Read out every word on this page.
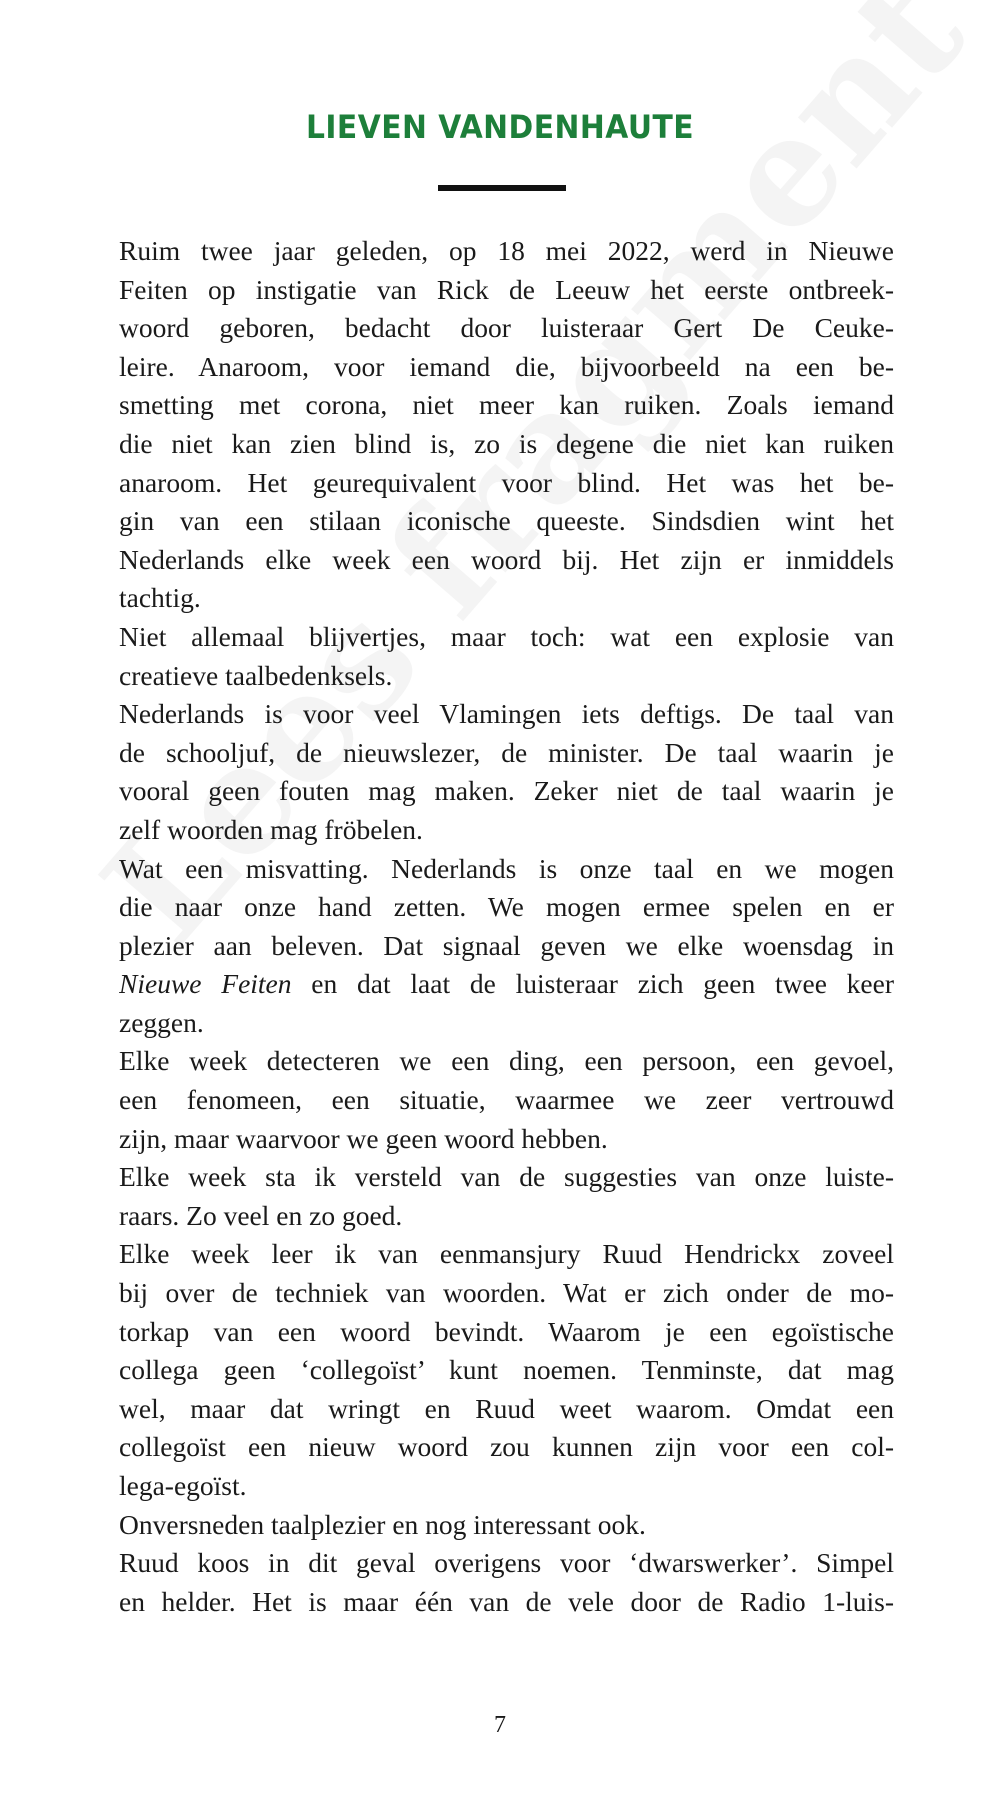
LIEVEN VANDENHAUTE
Ruim twee jaar geleden, op 18 mei 2022, werd in Nieuwe
Feiten op instigatie van Rick de Leeuw het eerste ontbreek-
woord geboren, bedacht door luisteraar Gert De Ceuke-
leire. Anaroom, voor iemand die, bijvoorbeeld na een be-
smetting met corona, niet meer kan ruiken. Zoals iemand
die niet kan zien blind is, zo is degene die niet kan ruiken
anaroom. Het geurequivalent voor blind. Het was het be-
gin van een stilaan iconische queeste. Sindsdien wint het
Nederlands elke week een woord bij. Het zijn er inmiddels
tachtig.
Niet allemaal blijvertjes, maar toch: wat een explosie van
creatieve taalbedenksels.
Nederlands is voor veel Vlamingen iets deftigs. De taal van
de schooljuf, de nieuwslezer, de minister. De taal waarin je
vooral geen fouten mag maken. Zeker niet de taal waarin je
zelf woorden mag fröbelen.
Wat een misvatting. Nederlands is onze taal en we mogen
die naar onze hand zetten. We mogen ermee spelen en er
plezier aan beleven. Dat signaal geven we elke woensdag in
Nieuwe Feiten en dat laat de luisteraar zich geen twee keer
zeggen.
Elke week detecteren we een ding, een persoon, een gevoel,
een fenomeen, een situatie, waarmee we zeer vertrouwd
zijn, maar waarvoor we geen woord hebben.
Elke week sta ik versteld van de suggesties van onze luiste-
raars. Zo veel en zo goed.
Elke week leer ik van eenmansjury Ruud Hendrickx zoveel
bij over de techniek van woorden. Wat er zich onder de mo-
torkap van een woord bevindt. Waarom je een egoïstische
collega geen ‘collegoïst’ kunt noemen. Tenminste, dat mag
wel, maar dat wringt en Ruud weet waarom. Omdat een
collegoïst een nieuw woord zou kunnen zijn voor een col-
lega-egoïst.
Onversneden taalplezier en nog interessant ook.
Ruud koos in dit geval overigens voor ‘dwarswerker’. Simpel
en helder. Het is maar één van de vele door de Radio 1-luis-
7
